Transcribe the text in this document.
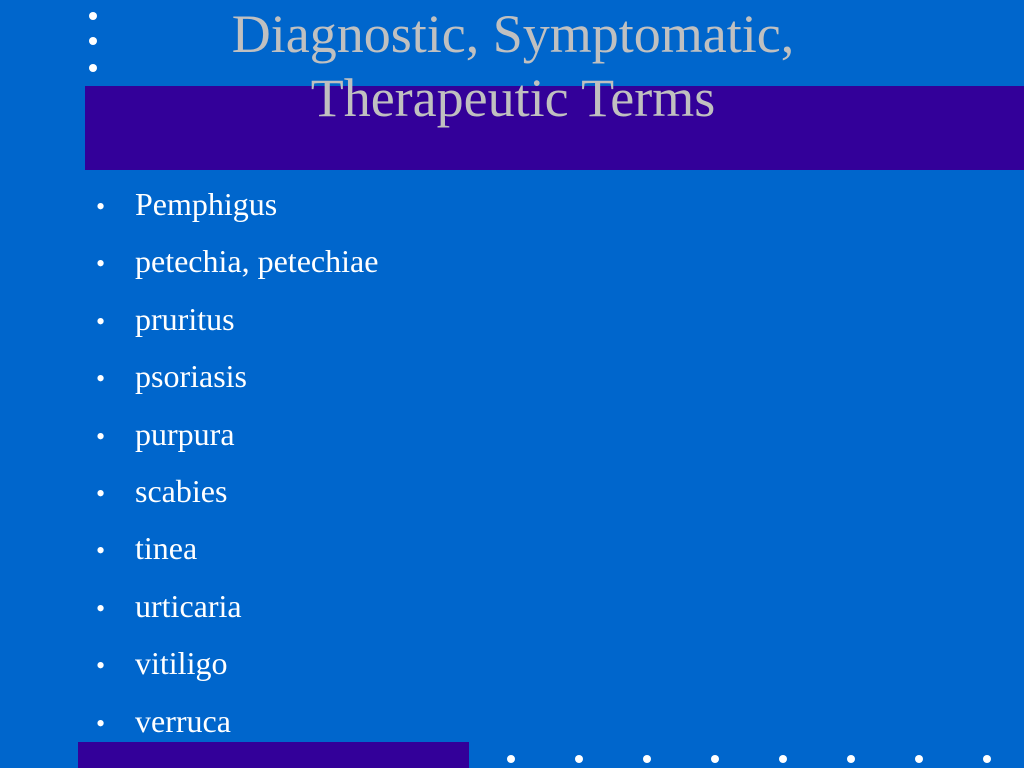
Diagnostic, Symptomatic,
Therapeutic Terms
• Pemphigus
• petechia, petechiae
• pruritus
• psoriasis
• purpura
• scabies
• tinea
• urticaria
• vitiligo
• verruca
